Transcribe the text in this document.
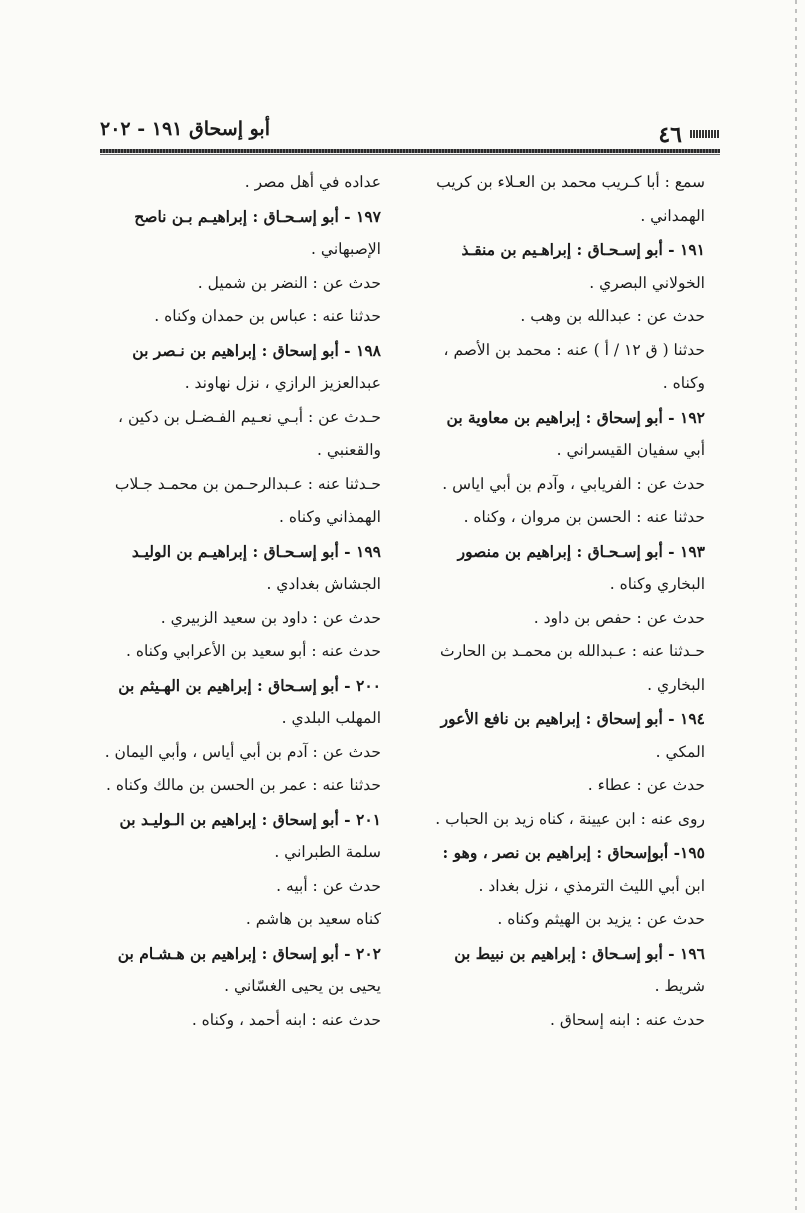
٤٦
أبو إسحاق ١٩١ - ٢٠٢
سمع : أبا كـريب محمد بن العـلاء بن كريب
الهمداني .
١٩١ - أبو إسـحـاق : إبراهـيم بن منقـذ
الخولاني البصري .
حدث عن : عبدالله بن وهب .
حدثنا ( ق ١٢ / أ ) عنه : محمد بن الأصم ،
وكناه .
١٩٢ - أبو إسحاق : إبراهيم بن معاوية بن
أبي سفيان القيسراني .
حدث عن : الفريابي ، وآدم بن أبي اياس .
حدثنا عنه : الحسن بن مروان ، وكناه .
١٩٣ - أبو إسـحـاق : إبراهيم بن منصور
البخاري وكناه .
حدث عن : حفص بن داود .
حـدثنا عنه : عـبدالله بن محمـد بن الحارث
البخاري .
١٩٤ - أبو إسحاق : إبراهيم بن نافع الأعور
المكي .
حدث عن : عطاء .
روى عنه : ابن عيينة ، كناه زيد بن الحباب .
١٩٥- أبوإسحاق : إبراهيم بن نصر ، وهو :
ابن أبي الليث الترمذي ، نزل بغداد .
حدث عن : يزيد بن الهيثم وكناه .
١٩٦ - أبو إسـحاق : إبراهيم بن نبيط بن
شريط .
حدث عنه : ابنه إسحاق .
عداده في أهل مصر .
١٩٧ - أبو إسـحـاق : إبراهيـم بـن ناصح
الإصبهاني .
حدث عن : النضر بن شميل .
حدثنا عنه : عباس بن حمدان وكناه .
١٩٨ - أبو إسحاق : إبراهيم بن نـصر بن
عبدالعزيز الرازي ، نزل نهاوند .
حـدث عن : أبـي نعـيم الفـضـل بن دكين ،
والقعنبي .
حـدثنا عنه : عـبدالرحـمن بن محمـد جـلاب
الهمذاني وكناه .
١٩٩ - أبو إسـحـاق : إبراهيـم بن الوليـد
الجشاش بغدادي .
حدث عن : داود بن سعيد الزبيري .
حدث عنه : أبو سعيد بن الأعرابي وكناه .
٢٠٠ - أبو إسـحاق : إبراهيم بن الهـيثم بن
المهلب البلدي .
حدث عن : آدم بن أبي أياس ، وأبي اليمان .
حدثنا عنه : عمر بن الحسن بن مالك وكناه .
٢٠١ - أبو إسحاق : إبراهيم بن الـوليـد بن
سلمة الطبراني .
حدث عن : أبيه .
كناه سعيد بن هاشم .
٢٠٢ - أبو إسحاق : إبراهيم بن هـشـام بن
يحيى بن يحيى الغسّاني .
حدث عنه : ابنه أحمد ، وكناه .
